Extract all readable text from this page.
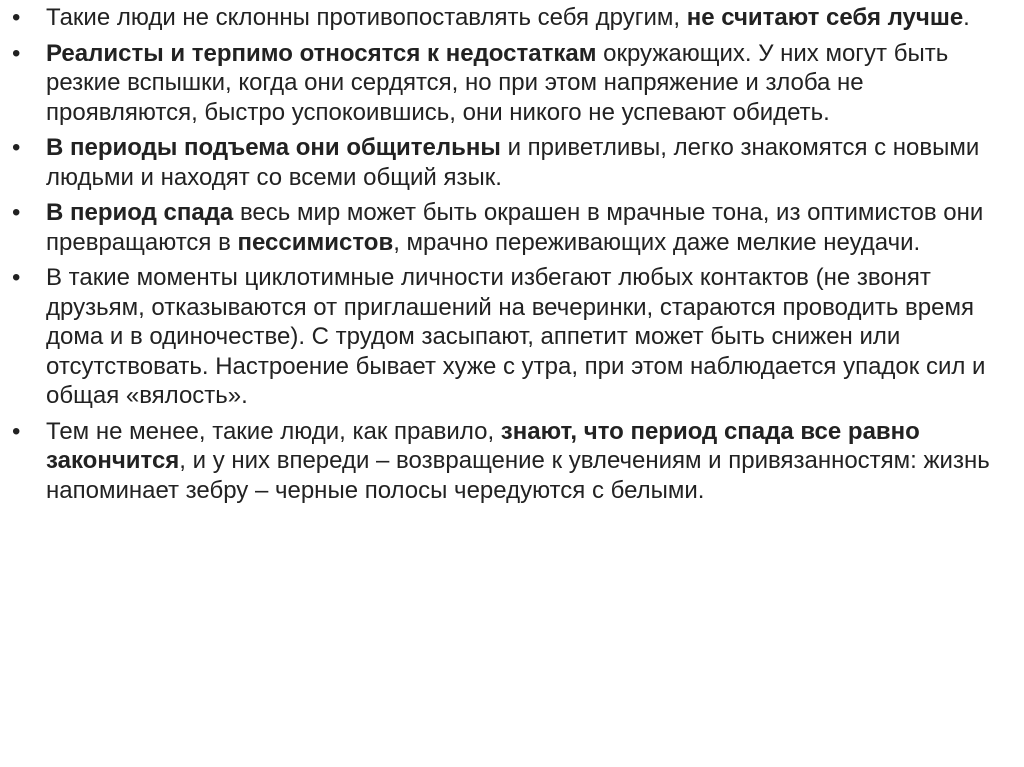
• Такие люди не склонны противопоставлять себя другим, не считают себя лучше.
• Реалисты и терпимо относятся к недостаткам окружающих. У них могут быть резкие вспышки, когда они сердятся, но при этом напряжение и злоба не проявляются, быстро успокоившись, они никого не успевают обидеть.
• В периоды подъема они общительны и приветливы, легко знакомятся с новыми людьми и находят со всеми общий язык.
• В период спада весь мир может быть окрашен в мрачные тона, из оптимистов они превращаются в пессимистов, мрачно переживающих даже мелкие неудачи.
• В такие моменты циклотимные личности избегают любых контактов (не звонят друзьям, отказываются от приглашений на вечеринки, стараются проводить время дома и в одиночестве). С трудом засыпают, аппетит может быть снижен или отсутствовать. Настроение бывает хуже с утра, при этом наблюдается упадок сил и общая «вялость».
• Тем не менее, такие люди, как правило, знают, что период спада все равно закончится, и у них впереди – возвращение к увлечениям и привязанностям: жизнь напоминает зебру – черные полосы чередуются с белыми.
